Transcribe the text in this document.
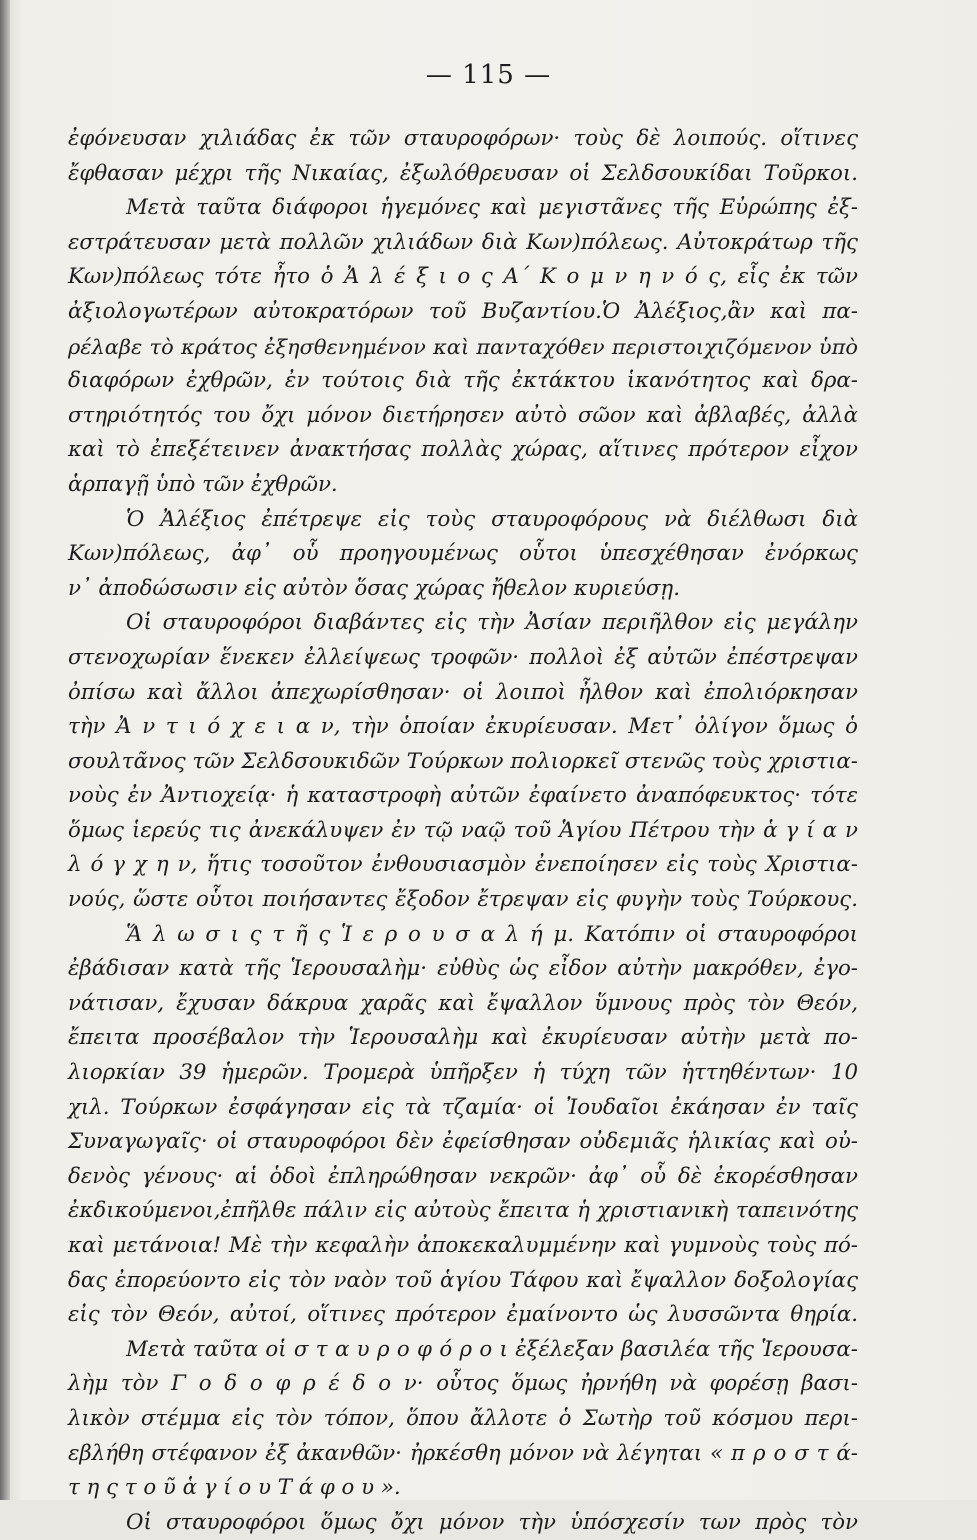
— 115 —
ἐφόνευσαν χιλιάδας ἐκ τῶν σταυροφόρων· τοὺς δὲ λοιπούς. οἵτινες
ἔφθασαν μέχρι τῆς Νικαίας, ἐξωλόθρευσαν οἱ Σελδσουκίδαι Τοῦρκοι.
Μετὰ ταῦτα διάφοροι ἡγεμόνες καὶ μεγιστᾶνες τῆς Εὐρώπης ἐξ-
εστράτευσαν μετὰ πολλῶν χιλιάδων διὰ Κων)πόλεως. Αὐτοκράτωρ τῆς
Κων)πόλεως τότε ἦτο ὁ Ἀ λ έ ξ ι ο ς Α΄ Κ ο μ ν η ν ό ς, εἷς ἐκ τῶν
ἀξιολογωτέρων αὐτοκρατόρων τοῦ Βυζαντίου.Ὁ Ἀλέξιος,ἂν καὶ πα-
ρέλαβε τὸ κράτος ἐξησθενημένον καὶ πανταχόθεν περιστοιχιζόμενον ὑπὸ
διαφόρων ἐχθρῶν, ἐν τούτοις διὰ τῆς ἐκτάκτου ἱκανότητος καὶ δρα-
στηριότητός του ὄχι μόνον διετήρησεν αὐτὸ σῶον καὶ ἀβλαβές, ἀλλὰ
καὶ τὸ ἐπεξέτεινεν ἀνακτήσας πολλὰς χώρας, αἵτινες πρότερον εἶχον
ἁρπαγῇ ὑπὸ τῶν ἐχθρῶν.
Ὁ Ἀλέξιος ἐπέτρεψε εἰς τοὺς σταυροφόρους νὰ διέλθωσι διὰ
Κων)πόλεως, ἀφ᾽ οὗ προηγουμένως οὗτοι ὑπεσχέθησαν ἐνόρκως
ν᾽ ἀποδώσωσιν εἰς αὐτὸν ὅσας χώρας ἤθελον κυριεύσῃ.
Οἱ σταυροφόροι διαβάντες εἰς τὴν Ἀσίαν περιῆλθον εἰς μεγάλην
στενοχωρίαν ἕνεκεν ἐλλείψεως τροφῶν· πολλοὶ ἐξ αὐτῶν ἐπέστρεψαν
ὀπίσω καὶ ἄλλοι ἀπεχωρίσθησαν· οἱ λοιποὶ ἦλθον καὶ ἐπολιόρκησαν
τὴν Ἀ ν τ ι ό χ ε ι α ν, τὴν ὁποίαν ἐκυρίευσαν. Μετ᾽ ὀλίγον ὅμως ὁ
σουλτᾶνος τῶν Σελδσουκιδῶν Τούρκων πολιορκεῖ στενῶς τοὺς χριστια-
νοὺς ἐν Ἀντιοχείᾳ· ἡ καταστροφὴ αὐτῶν ἐφαίνετο ἀναπόφευκτος· τότε
ὅμως ἱερεύς τις ἀνεκάλυψεν ἐν τῷ ναῷ τοῦ Ἁγίου Πέτρου τὴν ἁ γ ί α ν
λ ό γ χ η ν, ἥτις τοσοῦτον ἐνθουσιασμὸν ἐνεποίησεν εἰς τοὺς Χριστια-
νούς, ὥστε οὗτοι ποιήσαντες ἔξοδον ἔτρεψαν εἰς φυγὴν τοὺς Τούρκους.
Ἅ λ ω σ ι ς τ ῆ ς Ἱ ε ρ ο υ σ α λ ή μ. Κατόπιν οἱ σταυροφόροι
ἐβάδισαν κατὰ τῆς Ἱερουσαλὴμ· εὐθὺς ὡς εἶδον αὐτὴν μακρόθεν, ἐγο-
νάτισαν, ἔχυσαν δάκρυα χαρᾶς καὶ ἔψαλλον ὕμνους πρὸς τὸν Θεόν,
ἔπειτα προσέβαλον τὴν Ἱερουσαλὴμ καὶ ἐκυρίευσαν αὐτὴν μετὰ πο-
λιορκίαν 39 ἡμερῶν. Τρομερὰ ὑπῆρξεν ἡ τύχη τῶν ἡττηθέντων· 10
χιλ. Τούρκων ἐσφάγησαν εἰς τὰ τζαμία· οἱ Ἰουδαῖοι ἐκάησαν ἐν ταῖς
Συναγωγαῖς· οἱ σταυροφόροι δὲν ἐφείσθησαν οὐδεμιᾶς ἡλικίας καὶ οὐ-
δενὸς γένους· αἱ ὁδοὶ ἐπληρώθησαν νεκρῶν· ἀφ᾽ οὗ δὲ ἐκορέσθησαν
ἐκδικούμενοι,ἐπῆλθε πάλιν εἰς αὐτοὺς ἔπειτα ἡ χριστιανικὴ ταπεινότης
καὶ μετάνοια! Μὲ τὴν κεφαλὴν ἀποκεκαλυμμένην καὶ γυμνοὺς τοὺς πό-
δας ἐπορεύοντο εἰς τὸν ναὸν τοῦ ἁγίου Τάφου καὶ ἔψαλλον δοξολογίας
εἰς τὸν Θεόν, αὐτοί, οἵτινες πρότερον ἐμαίνοντο ὡς λυσσῶντα θηρία.
Μετὰ ταῦτα οἱ σ τ α υ ρ ο φ ό ρ ο ι ἐξέλεξαν βασιλέα τῆς Ἱερουσα-
λὴμ τὸν Γ ο δ ο φ ρ έ δ ο ν· οὗτος ὅμως ἠρνήθη νὰ φορέσῃ βασι-
λικὸν στέμμα εἰς τὸν τόπον, ὅπου ἄλλοτε ὁ Σωτὴρ τοῦ κόσμου περι-
εβλήθη στέφανον ἐξ ἀκανθῶν· ἠρκέσθη μόνον νὰ λέγηται « π ρ ο σ τ ά-
τ η ς τ ο ῦ ἁ γ ί ο υ Τ ά φ ο υ ».
Οἱ σταυροφόροι ὅμως ὄχι μόνον τὴν ὑπόσχεσίν των πρὸς τὸν
